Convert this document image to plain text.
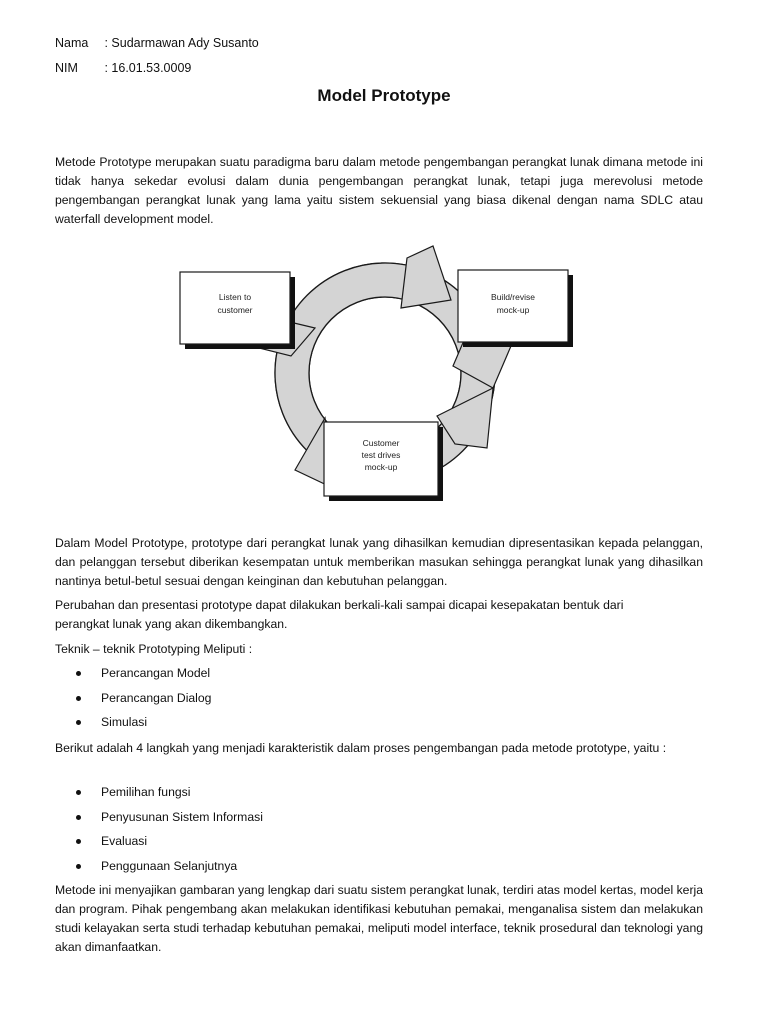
Nama : Sudarmawan Ady Susanto
NIM : 16.01.53.0009
Model Prototype

Metode Prototype merupakan suatu paradigma baru dalam metode pengembangan perangkat lunak dimana metode ini tidak hanya sekedar evolusi dalam dunia pengembangan perangkat lunak, tetapi juga merevolusi metode pengembangan perangkat lunak yang lama yaitu sistem sekuensial yang biasa dikenal dengan nama SDLC atau waterfall development model.

Listen to
customer
Build/revise
mock-up
Customer
test drives
mock-up

Dalam Model Prototype, prototype dari perangkat lunak yang dihasilkan kemudian dipresentasikan kepada pelanggan, dan pelanggan tersebut diberikan kesempatan untuk memberikan masukan sehingga perangkat lunak yang dihasilkan nantinya betul-betul sesuai dengan keinginan dan kebutuhan pelanggan.

Perubahan dan presentasi prototype dapat dilakukan berkali-kali sampai dicapai kesepakatan bentuk dari perangkat lunak yang akan dikembangkan.

Teknik – teknik Prototyping Meliputi :

Perancangan Model
Perancangan Dialog
Simulasi

Berikut adalah 4 langkah yang menjadi karakteristik dalam proses pengembangan pada metode prototype, yaitu :

Pemilihan fungsi
Penyusunan Sistem Informasi
Evaluasi
Penggunaan Selanjutnya

Metode ini menyajikan gambaran yang lengkap dari suatu sistem perangkat lunak, terdiri atas model kertas, model kerja dan program. Pihak pengembang akan melakukan identifikasi kebutuhan pemakai, menganalisa sistem dan melakukan studi kelayakan serta studi terhadap kebutuhan pemakai, meliputi model interface, teknik prosedural dan teknologi yang akan dimanfaatkan.
